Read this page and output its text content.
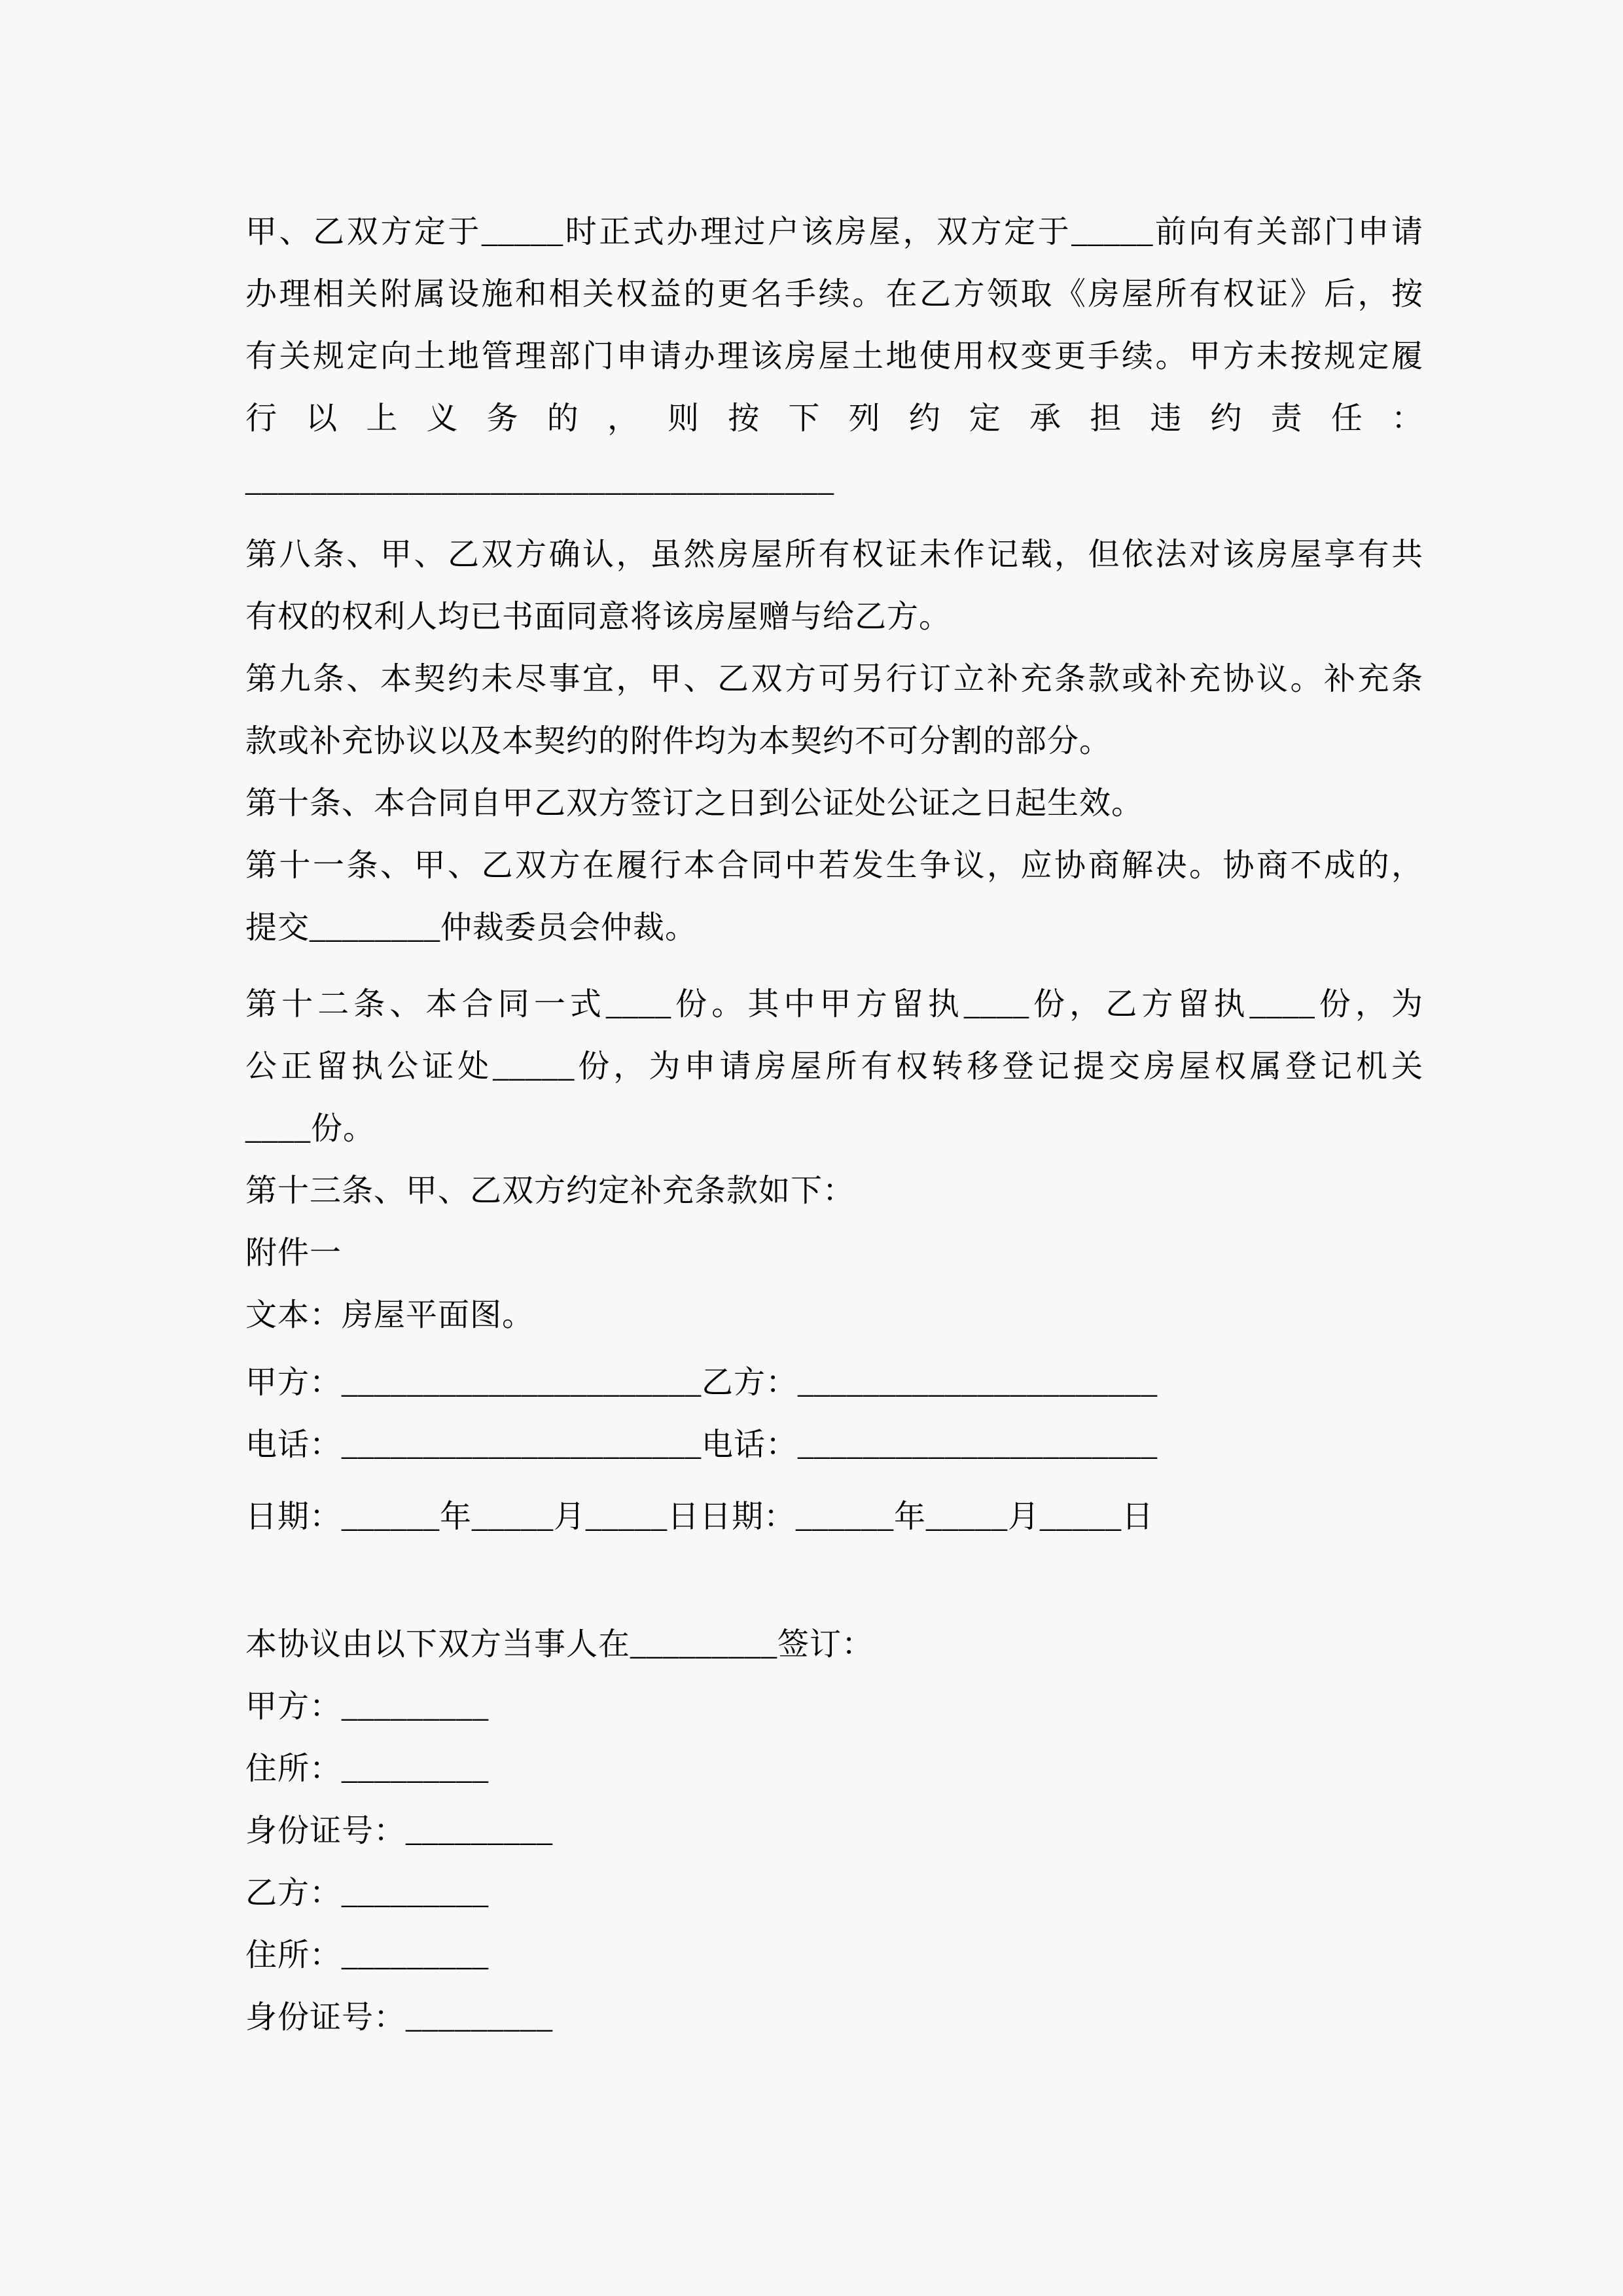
甲、乙双方定于_____时正式办理过户该房屋，双方定于_____前向有关部门申请
办理相关附属设施和相关权益的更名手续。在乙方领取《房屋所有权证》后，按
有关规定向土地管理部门申请办理该房屋土地使用权变更手续。甲方未按规定履
行以上义务的，则按下列约定承担违约责任：
____________________________________
第八条、甲、乙双方确认，虽然房屋所有权证未作记载，但依法对该房屋享有共
有权的权利人均已书面同意将该房屋赠与给乙方。
第九条、本契约未尽事宜，甲、乙双方可另行订立补充条款或补充协议。补充条
款或补充协议以及本契约的附件均为本契约不可分割的部分。
第十条、本合同自甲乙双方签订之日到公证处公证之日起生效。
第十一条、甲、乙双方在履行本合同中若发生争议，应协商解决。协商不成的，
提交________仲裁委员会仲裁。
第十二条、本合同一式____份。其中甲方留执____份，乙方留执____份，为
公正留执公证处_____份，为申请房屋所有权转移登记提交房屋权属登记机关
____份。
第十三条、甲、乙双方约定补充条款如下：
附件一
文本：房屋平面图。
甲方：______________________乙方：______________________
电话：______________________电话：______________________
日期：______年_____月_____日日期：______年_____月_____日
本协议由以下双方当事人在_________签订：
甲方：_________
住所：_________
身份证号：_________
乙方：_________
住所：_________
身份证号：_________
